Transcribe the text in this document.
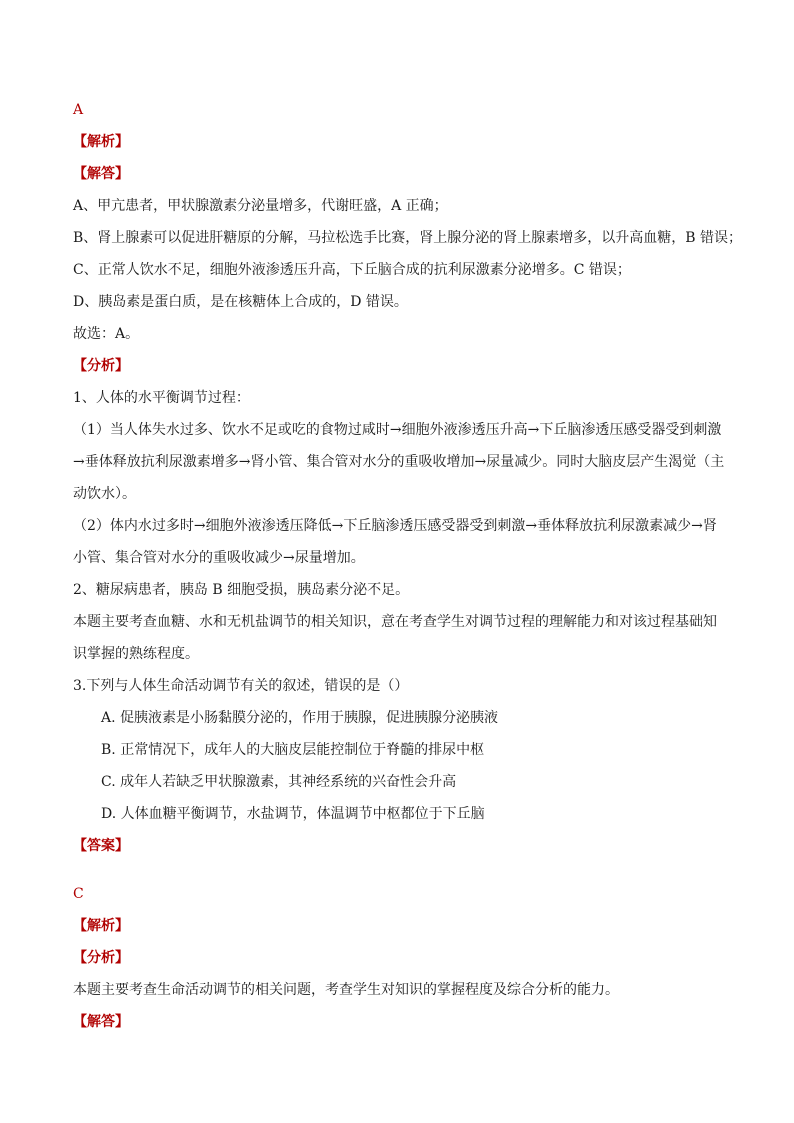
A
【解析】
【解答】
A、甲亢患者，甲状腺激素分泌量增多，代谢旺盛，A 正确；
B、肾上腺素可以促进肝糖原的分解，马拉松选手比赛，肾上腺分泌的肾上腺素增多，以升高血糖，B 错误；
C、正常人饮水不足，细胞外液渗透压升高，下丘脑合成的抗利尿激素分泌增多。C 错误；
D、胰岛素是蛋白质，是在核糖体上合成的，D 错误。
故选：A。
【分析】
1、人体的水平衡调节过程：
（1）当人体失水过多、饮水不足或吃的食物过咸时→细胞外液渗透压升高→下丘脑渗透压感受器受到刺激
→垂体释放抗利尿激素增多→肾小管、集合管对水分的重吸收增加→尿量减少。同时大脑皮层产生渴觉（主
动饮水）。
（2）体内水过多时→细胞外液渗透压降低→下丘脑渗透压感受器受到刺激→垂体释放抗利尿激素减少→肾
小管、集合管对水分的重吸收减少→尿量增加。
2、糖尿病患者，胰岛 B 细胞受损，胰岛素分泌不足。
本题主要考查血糖、水和无机盐调节的相关知识，意在考查学生对调节过程的理解能力和对该过程基础知
识掌握的熟练程度。
3.下列与人体生命活动调节有关的叙述，错误的是（）
A. 促胰液素是小肠黏膜分泌的，作用于胰腺，促进胰腺分泌胰液
B. 正常情况下，成年人的大脑皮层能控制位于脊髓的排尿中枢
C. 成年人若缺乏甲状腺激素，其神经系统的兴奋性会升高
D. 人体血糖平衡调节，水盐调节，体温调节中枢都位于下丘脑
【答案】
C
【解析】
【分析】
本题主要考查生命活动调节的相关问题，考查学生对知识的掌握程度及综合分析的能力。
【解答】
